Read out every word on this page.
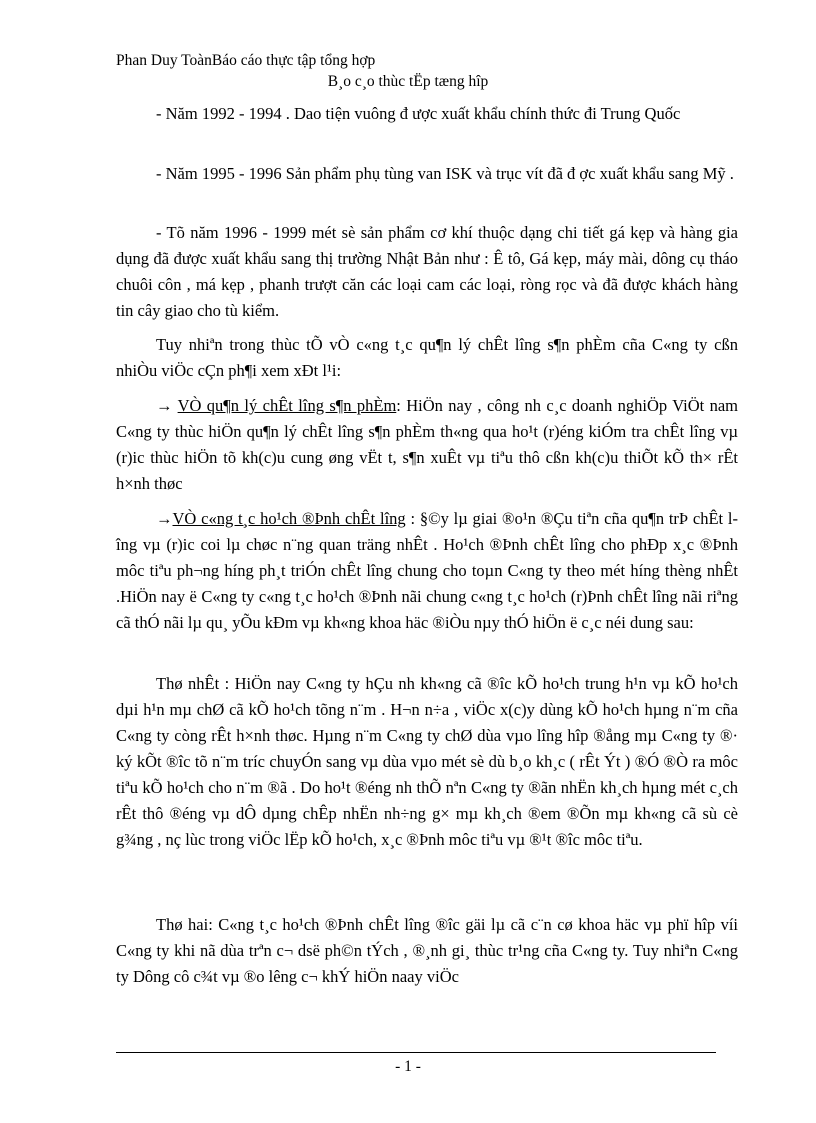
Phan Duy ToànBáo cáo thực tập tổng hợp
B¸o c¸o thùc tËp tæng hîp
- Năm 1992 - 1994 . Dao tiện vuông đ ược xuất khẩu chính thức đi Trung Quốc
- Năm 1995 - 1996 Sản phẩm phụ tùng van ISK và trục vít đã đ ợc xuất khẩu sang Mỹ .
- Tõ năm 1996 - 1999 mét sè sản phẩm cơ khí thuộc dạng chi tiết gá kẹp và hàng gia dụng đã được xuất khẩu sang thị trường Nhật Bản như : Ê tô, Gá kẹp, máy mài, dông cụ tháo chuôi côn , má kẹp , phanh trượt căn các loại cam các loại, ròng rọc và đã được khách hàng tin cây giao cho tù kiểm.
Tuy nhiªn trong thùc tÕ vÒ c«ng t¸c qu¶n lý chÊt lîng s¶n phÈm cña C«ng ty cßn nhiÒu viÖc cÇn ph¶i xem xÐt l¹i:
→ VÒ qu¶n lý chÊt lîng s¶n phÈm: HiÖn nay , công nh c¸c doanh nghiÖp ViÖt nam C«ng ty thùc hiÖn qu¶n lý chÊt lîng s¶n phÈm th«ng qua ho¹t (r)éng kiÓm tra chÊt lîng vµ (r)ic thùc hiÖn tõ kh(c)u cung øng vËt t, s¶n xuÊt vµ tiªu thô cßn kh(c)u thiÕt kÕ th× rÊt h×nh thøc
→VÒ c«ng t¸c ho¹ch ®Þnh chÊt lîng : §©y lµ giai ®o¹n ®Çu tiªn cña qu¶n trÞ chÊt lîng vµ (r)ic coi lµ chøc n¨ng quan träng nhÊt . Ho¹ch ®Þnh chÊt lîng cho phÐp x¸c ®Þnh môc tiªu ph¬ng híng ph¸t triÓn chÊt lîng chung cho toµn C«ng ty theo mét híng thèng nhÊt .HiÖn nay ë C«ng ty c«ng t¸c ho¹ch ®Þnh nãi chung c«ng t¸c ho¹ch (r)Þnh chÊt lîng nãi riªng cã thÓ nãi lµ qu¸ yÕu kÐm vµ kh«ng khoa häc ®iÒu nµy thÓ hiÖn ë c¸c néi dung sau:
Thø nhÊt : HiÖn nay C«ng ty hÇu nh kh«ng cã ®îc kÕ ho¹ch trung h¹n vµ kÕ ho¹ch dµi h¹n mµ chØ cã kÕ ho¹ch tõng n¨m . H¬n n÷a , viÖc x(c)y dùng kÕ ho¹ch hµng n¨m cña C«ng ty còng rÊt h×nh thøc. Hµng n¨m C«ng ty chØ dùa vµo lîng hîp ®ång mµ C«ng ty ®· ký kÕt ®îc tõ n¨m tríc chuyÓn sang vµ dùa vµo mét sè dù b¸o kh¸c ( rÊt Ýt ) ®Ó ®Ò ra môc tiªu kÕ ho¹ch cho n¨m ®ã . Do ho¹t ®éng nh thÕ nªn C«ng ty ®ãn nhËn kh¸ch hµng mét c¸ch rÊt thô ®éng vµ dÔ dµng chÊp nhËn nh÷ng g× mµ kh¸ch ®em ®Õn mµ kh«ng cã sù cè g¾ng , nç lùc trong viÖc lËp kÕ ho¹ch, x¸c ®Þnh môc tiªu vµ ®¹t ®îc môc tiªu.
Thø hai: C«ng t¸c ho¹ch ®Þnh chÊt lîng ®îc gäi lµ cã c¨n cø khoa häc vµ phï hîp víi C«ng ty khi nã dùa trªn c¬ dsë ph©n tÝch , ®¸nh gi¸ thùc tr¹ng cña C«ng ty. Tuy nhiªn C«ng ty Dông cô c¾t vµ ®o lêng c¬ khÝ hiÖn naay viÖc
- 1 -
